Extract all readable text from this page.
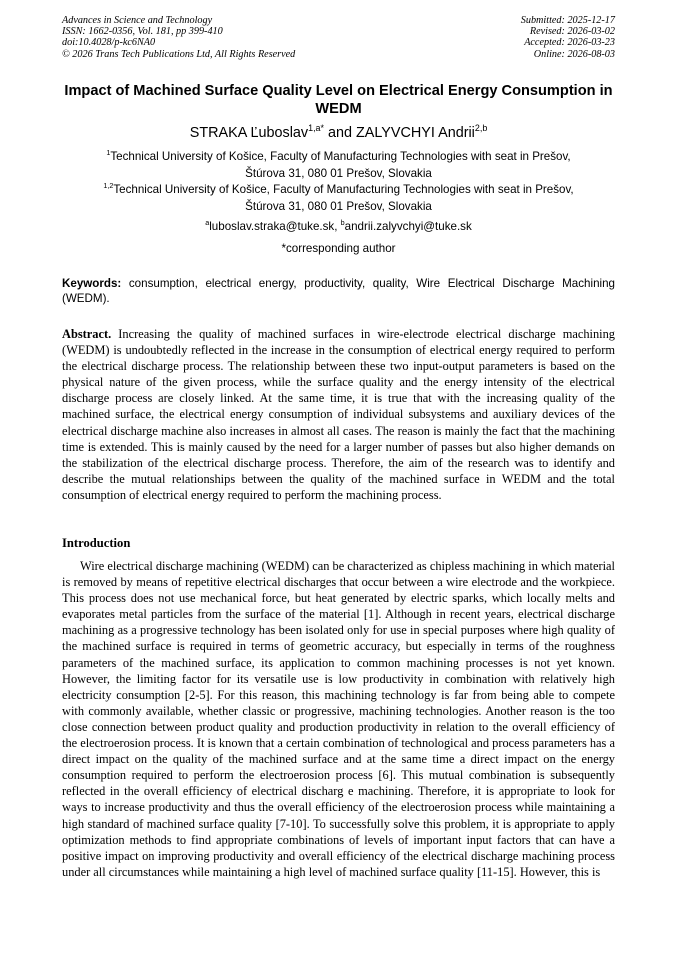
Advances in Science and Technology
ISSN: 1662-0356, Vol. 181, pp 399-410
doi:10.4028/p-kc6NA0
© 2026 Trans Tech Publications Ltd, All Rights Reserved
Submitted: 2025-12-17
Revised: 2026-03-02
Accepted: 2026-03-23
Online: 2026-08-03
Impact of Machined Surface Quality Level on Electrical Energy Consumption in WEDM
STRAKA Ľuboslav$^{1,a*}$ and ZALYVCHYI Andrii$^{2,b}$
$^1$Technical University of Košice, Faculty of Manufacturing Technologies with seat in Prešov,
Štúrova 31, 080 01 Prešov, Slovakia
$^{1,2}$Technical University of Košice, Faculty of Manufacturing Technologies with seat in Prešov,
Štúrova 31, 080 01 Prešov, Slovakia
$^a$luboslav.straka@tuke.sk, $^b$andrii.zalyvchyi@tuke.sk
*corresponding author
Keywords: consumption, electrical energy, productivity, quality, Wire Electrical Discharge Machining (WEDM).
Abstract. Increasing the quality of machined surfaces in wire-electrode electrical discharge machining (WEDM) is undoubtedly reflected in the increase in the consumption of electrical energy required to perform the electrical discharge process. The relationship between these two input-output parameters is based on the physical nature of the given process, while the surface quality and the energy intensity of the electrical discharge process are closely linked. At the same time, it is true that with the increasing quality of the machined surface, the electrical energy consumption of individual subsystems and auxiliary devices of the electrical discharge machine also increases in almost all cases. The reason is mainly the fact that the machining time is extended. This is mainly caused by the need for a larger number of passes but also higher demands on the stabilization of the electrical discharge process. Therefore, the aim of the research was to identify and describe the mutual relationships between the quality of the machined surface in WEDM and the total consumption of electrical energy required to perform the machining process.
Introduction
Wire electrical discharge machining (WEDM) can be characterized as chipless machining in which material is removed by means of repetitive electrical discharges that occur between a wire electrode and the workpiece. This process does not use mechanical force, but heat generated by electric sparks, which locally melts and evaporates metal particles from the surface of the material [1]. Although in recent years, electrical discharge machining as a progressive technology has been isolated only for use in special purposes where high quality of the machined surface is required in terms of geometric accuracy, but especially in terms of the roughness parameters of the machined surface, its application to common machining processes is not yet known. However, the limiting factor for its versatile use is low productivity in combination with relatively high electricity consumption [2-5]. For this reason, this machining technology is far from being able to compete with commonly available, whether classic or progressive, machining technologies. Another reason is the too close connection between product quality and production productivity in relation to the overall efficiency of the electroerosion process. It is known that a certain combination of technological and process parameters has a direct impact on the quality of the machined surface and at the same time a direct impact on the energy consumption required to perform the electroerosion process [6]. This mutual combination is subsequently reflected in the overall efficiency of electrical discharg e machining. Therefore, it is appropriate to look for ways to increase productivity and thus the overall efficiency of the electroerosion process while maintaining a high standard of machined surface quality [7-10]. To successfully solve this problem, it is appropriate to apply optimization methods to find appropriate combinations of levels of important input factors that can have a positive impact on improving productivity and overall efficiency of the electrical discharge machining process under all circumstances while maintaining a high level of machined surface quality [11-15]. However, this is
